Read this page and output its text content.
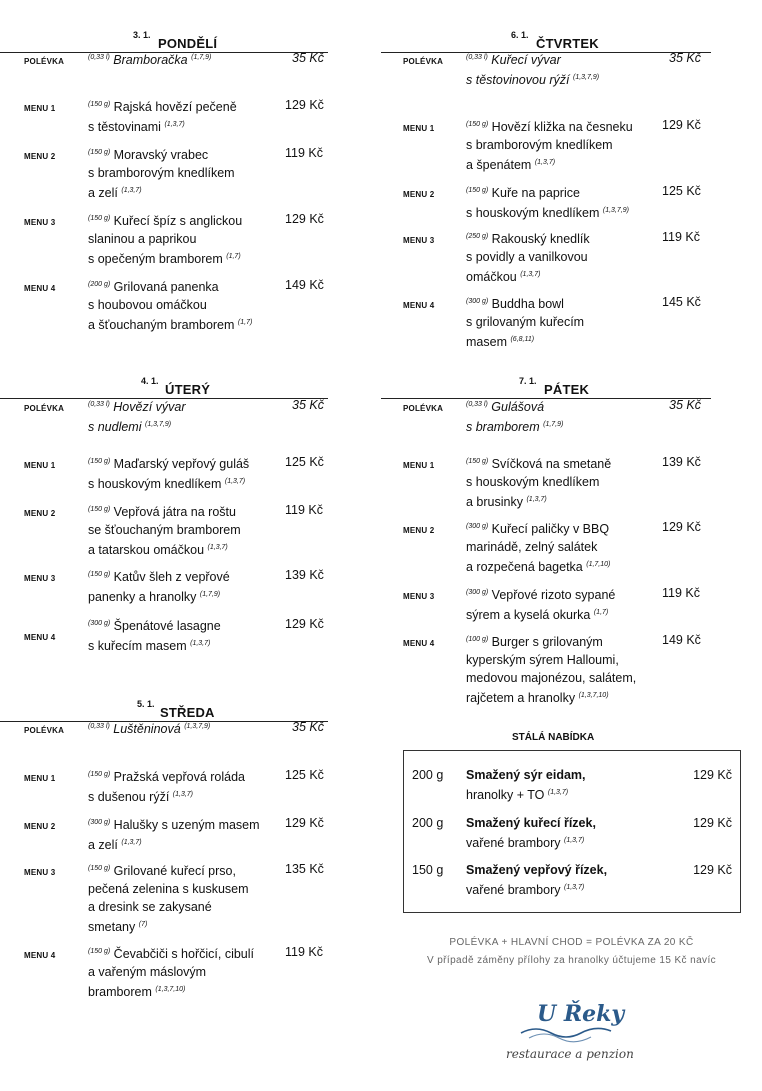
3. 1.
PONDĚLÍ
4. 1.
ÚTERÝ
5. 1.
STŘEDA
POLÉVKA	$^{(0,33 l)}$ Bramboračka $^{(1,7,9)}$	35 Kč
MENU 1	$^{(150 g)}$ Rajská hovězí pečeně
s těstovinami $^{(1,3,7)}$
129 Kč
MENU 2	$^{(150 g)}$ Moravský vrabec
s bramborovým knedlíkem
a zelí $^{(1,3,7)}$
119 Kč
MENU 3	$^{(150 g)}$ Kuřecí špíz s anglickou
slaninou a paprikou
s opečeným bramborem $^{(1,7)}$
129 Kč
MENU 4	$^{(200 g)}$ Grilovaná panenka
s houbovou omáčkou
a šťouchaným bramborem $^{(1,7)}$
149 Kč
POLÉVKA	$^{(0,33 l)}$ Hovězí vývar
s nudlemi $^{(1,3,7,9)}$
35 Kč
MENU 1	$^{(150 g)}$ Maďarský vepřový guláš
s houskovým knedlíkem $^{(1,3,7)}$
125 Kč
MENU 2	$^{(150 g)}$ Vepřová játra na roštu
se šťouchaným bramborem
a tatarskou omáčkou $^{(1,3,7)}$
119 Kč
MENU 3	$^{(150 g)}$ Katův šleh z vepřové
panenky a hranolky $^{(1,7,9)}$
139 Kč
MENU 4
$^{(300 g)}$ Špenátové lasagne
s kuřecím masem $^{(1,3,7)}$
129 Kč
POLÉVKA	$^{(0,33 l)}$ Luštěninová $^{(1,3,7,9)}$	35 Kč
MENU 1	$^{(150 g)}$ Pražská vepřová roláda
s dušenou rýží $^{(1,3,7)}$
125 Kč
MENU 2	$^{(300 g)}$ Halušky s uzeným masem
a zelí $^{(1,3,7)}$
129 Kč
MENU 3	$^{(150 g)}$ Grilované kuřecí prso,
pečená zelenina s kuskusem
a dresink se zakysané
smetany $^{(7)}$
135 Kč
MENU 4	$^{(150 g)}$ Čevabčiči s hořčicí, cibulí
a vařeným máslovým
bramborem $^{(1,3,7,10)}$
119 Kč
6. 1.
ČTVRTEK
7. 1.
PÁTEK
STÁLÁ NABÍDKA
200 g Smažený sýr eidam,
hranolky + TO $^{(1,3,7)}$
129 Kč
200 g Smažený kuřecí řízek,
vařené brambory $^{(1,3,7)}$
129 Kč
150 g Smažený vepřový řízek,
vařené brambory $^{(1,3,7)}$
129 Kč
POLÉVKA + HLAVNÍ CHOD = POLÉVKA ZA 20 KČ
V případě záměny přílohy za hranolky účtujeme 15 Kč navíc
U Řeky
restaurace a penzion
POLÉVKA	$^{(0,33 l)}$ Kuřecí vývar
s těstovinovou rýží $^{(1,3,7,9)}$
35 Kč
MENU 1	$^{(150 g)}$ Hovězí kližka na česneku
s bramborovým knedlíkem
a špenátem $^{(1,3,7)}$
129 Kč
MENU 2	$^{(150 g)}$ Kuře na paprice
s houskovým knedlíkem $^{(1,3,7,9)}$
125 Kč
MENU 3	$^{(250 g)}$ Rakouský knedlík
s povidly a vanilkovou
omáčkou $^{(1,3,7)}$
119 Kč
MENU 4	$^{(300 g)}$ Buddha bowl
s grilovaným kuřecím
masem $^{(6,8,11)}$
145 Kč
POLÉVKA	$^{(0,33 l)}$ Gulášová
s bramborem $^{(1,7,9)}$
35 Kč
MENU 1	$^{(150 g)}$ Svíčková na smetaně
s houskovým knedlíkem
a brusinky $^{(1,3,7)}$
139 Kč
MENU 2	$^{(300 g)}$ Kuřecí paličky v BBQ
marinádě, zelný salátek
a rozpečená bagetka $^{(1,7,10)}$
129 Kč
MENU 3	$^{(300 g)}$ Vepřové rizoto sypané
sýrem a kyselá okurka $^{(1,7)}$
119 Kč
MENU 4	$^{(100 g)}$ Burger s grilovaným
kyperským sýrem Halloumi,
medovou majonézou, salátem,
rajčetem a hranolky $^{(1,3,7,10)}$
149 Kč
